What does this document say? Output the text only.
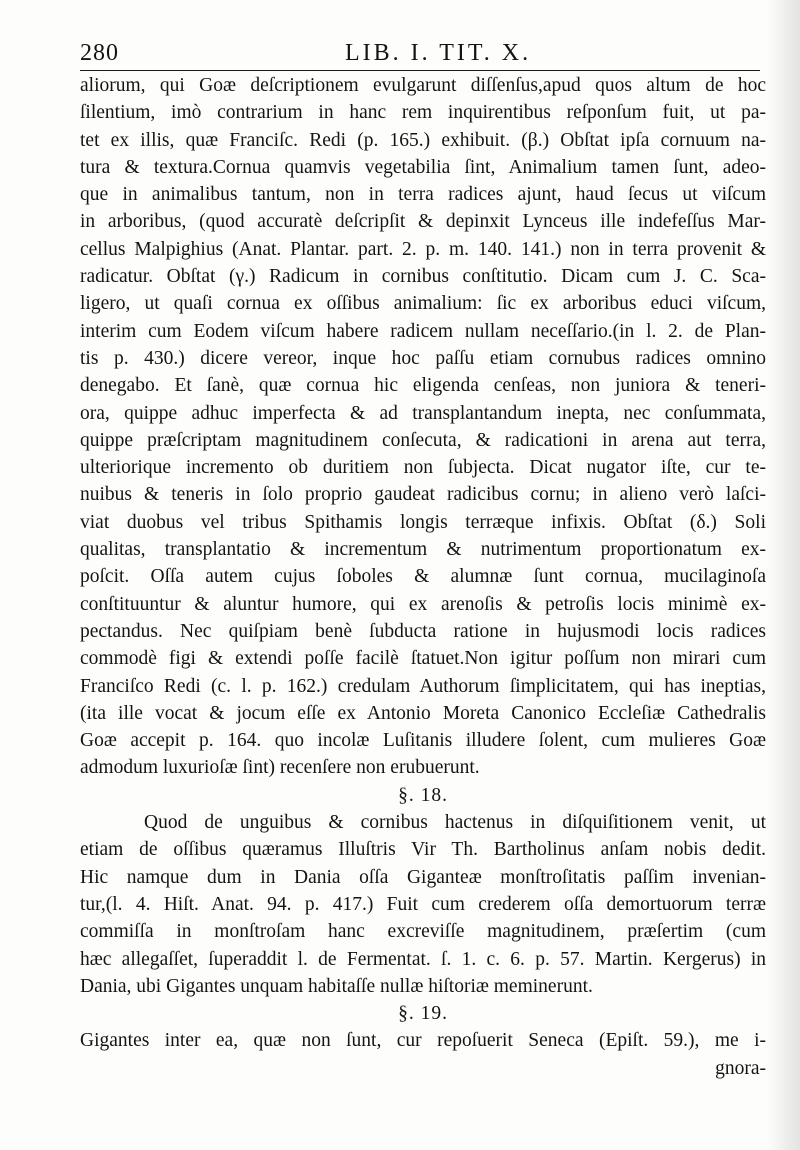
280	LIB. I. TIT. X.
aliorum, qui Goæ deſcriptionem evulgarunt diſſenſus,apud quos altum de hoc
ſilentium, imò contrarium in hanc rem inquirentibus reſponſum fuit, ut pa-
tet ex illis, quæ Franciſc. Redi (p. 165.) exhibuit. (β.) Obſtat ipſa cornuum na-
tura & textura.Cornua quamvis vegetabilia ſint, Animalium tamen ſunt, adeo-
que in animalibus tantum, non in terra radices ajunt, haud ſecus ut viſcum
in arboribus, (quod accuratè deſcripſit & depinxit Lynceus ille indefeſſus Mar-
cellus Malpighius (Anat. Plantar. part. 2. p. m. 140. 141.) non in terra provenit &
radicatur. Obſtat (γ.) Radicum in cornibus conſtitutio. Dicam cum J. C. Sca-
ligero, ut quaſi cornua ex oſſibus animalium: ſic ex arboribus educi viſcum,
interim cum Eodem viſcum habere radicem nullam neceſſario.(in l. 2. de Plan-
tis p. 430.) dicere vereor, inque hoc paſſu etiam cornubus radices omnino
denegabo. Et ſanè, quæ cornua hic eligenda cenſeas, non juniora & teneri-
ora, quippe adhuc imperfecta & ad transplantandum inepta, nec conſummata,
quippe præſcriptam magnitudinem conſecuta, & radicationi in arena aut terra,
ulteriorique incremento ob duritiem non ſubjecta. Dicat nugator iſte, cur te-
nuibus & teneris in ſolo proprio gaudeat radicibus cornu; in alieno verò laſci-
viat duobus vel tribus Spithamis longis terræque infixis. Obſtat (δ.) Soli
qualitas, transplantatio & incrementum & nutrimentum proportionatum ex-
poſcit. Oſſa autem cujus ſoboles & alumnæ ſunt cornua, mucilaginoſa
conſtituuntur & aluntur humore, qui ex arenoſis & petroſis locis minimè ex-
pectandus. Nec quiſpiam benè ſubducta ratione in hujusmodi locis radices
commodè figi & extendi poſſe facilè ſtatuet.Non igitur poſſum non mirari cum
Franciſco Redi (c. l. p. 162.) credulam Authorum ſimplicitatem, qui has ineptias,
(ita ille vocat & jocum eſſe ex Antonio Moreta Canonico Eccleſiæ Cathedralis
Goæ accepit p. 164. quo incolæ Luſitanis illudere ſolent, cum mulieres Goæ
admodum luxurioſæ ſint) recenſere non erubuerunt.
§. 18.
Quod de unguibus & cornibus hactenus in diſquiſitionem venit, ut
etiam de oſſibus quæramus Illuſtris Vir Th. Bartholinus anſam nobis dedit.
Hic namque dum in Dania oſſa Giganteæ monſtroſitatis paſſim invenian-
tur,(l. 4. Hiſt. Anat. 94. p. 417.) Fuit cum crederem oſſa demortuorum terræ
commiſſa in monſtroſam hanc excreviſſe magnitudinem, præſertim (cum
hæc allegaſſet, ſuperaddit l. de Fermentat. ſ. 1. c. 6. p. 57. Martin. Kergerus) in
Dania, ubi Gigantes unquam habitaſſe nullæ hiſtoriæ meminerunt.
§. 19.
Gigantes inter ea, quæ non ſunt, cur repoſuerit Seneca (Epiſt. 59.), me i-
gnora-
